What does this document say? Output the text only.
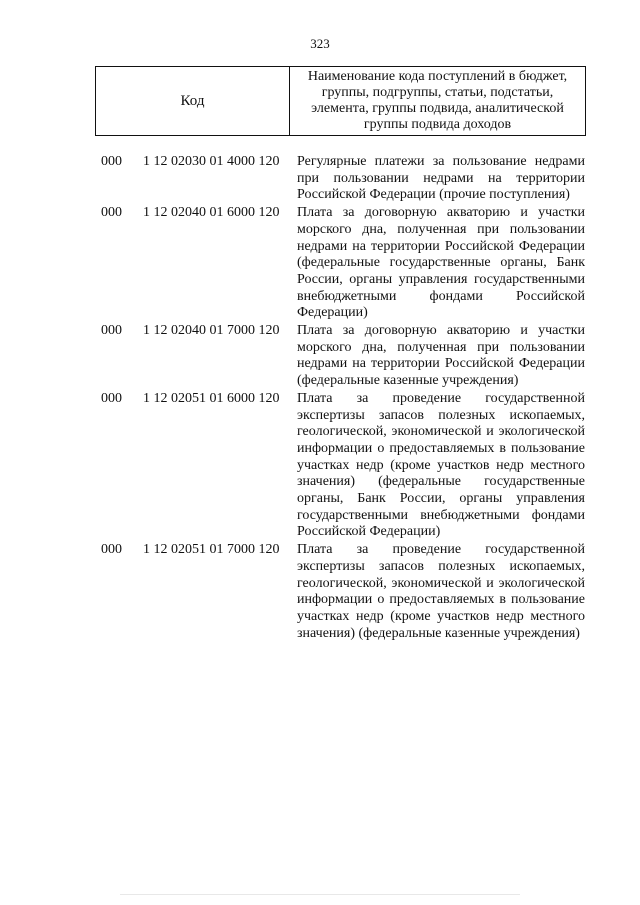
323
Код
Наименование кода поступлений в бюджет, группы, подгруппы, статьи, подстатьи, элемента, группы подвида, аналитической группы подвида доходов
000 1 12 02030 01 4000 120 Регулярные платежи за пользование недрами при пользовании недрами на территории Российской Федерации (прочие поступления)
000 1 12 02040 01 6000 120 Плата за договорную акваторию и участки морского дна, полученная при пользовании недрами на территории Российской Федерации (федеральные государственные органы, Банк России, органы управления государственными внебюджетными фондами Российской Федерации)
000 1 12 02040 01 7000 120 Плата за договорную акваторию и участки морского дна, полученная при пользовании недрами на территории Российской Федерации (федеральные казенные учреждения)
000 1 12 02051 01 6000 120 Плата за проведение государственной экспертизы запасов полезных ископаемых, геологической, экономической и экологической информации о предоставляемых в пользование участках недр (кроме участков недр местного значения) (федеральные государственные органы, Банк России, органы управления государственными внебюджетными фондами Российской Федерации)
000 1 12 02051 01 7000 120 Плата за проведение государственной экспертизы запасов полезных ископаемых, геологической, экономической и экологической информации о предоставляемых в пользование участках недр (кроме участков недр местного значения) (федеральные казенные учреждения)
